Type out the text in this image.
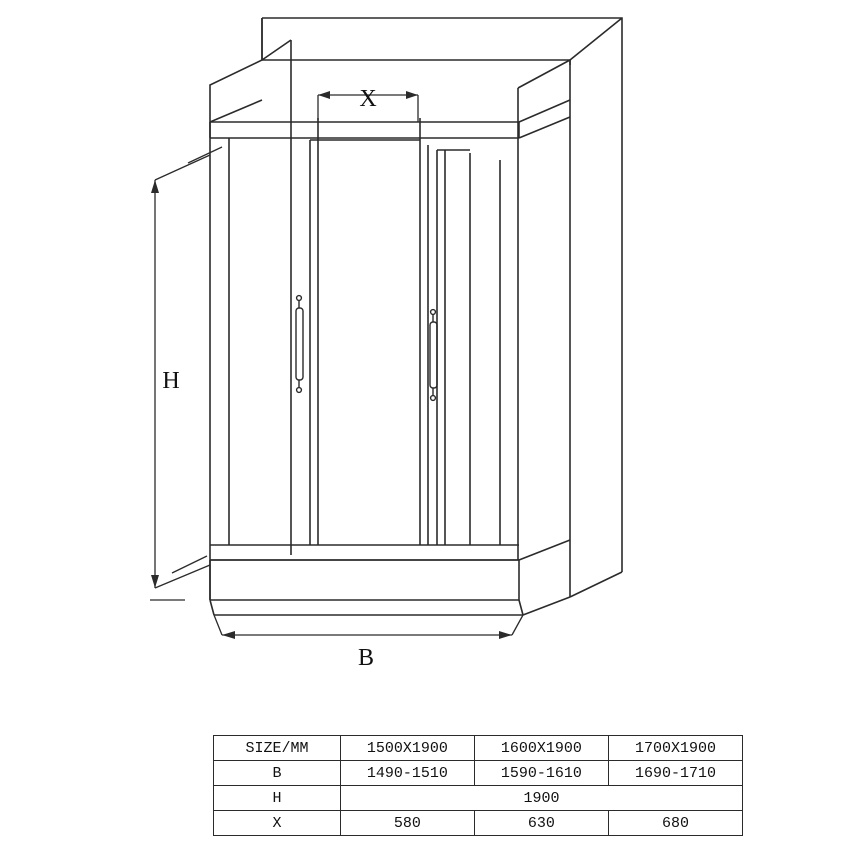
X
H
B
SIZE/MM	1500X1900	1600X1900	1700X1900
B	1490-1510	1590-1610	1690-1710
H	1900		
X	580	630	680
